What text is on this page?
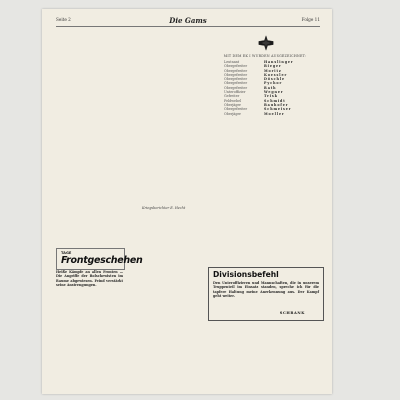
Seite 2	Die Gams	Folge 11

TAGE
Frontgeschehen
Heiße Kämpfe an allen Fronten — Die Angriffe der Bolschewisten im Raume abgewiesen. Feind verstärkt seine Anstrengungen.

Kriegsberichter E. Hecht
MIT DEM EK I WURDEN AUSGEZEICHNET:
Leutnant	Hanslinger
Obergefreiter	Bieger
Obergefreiter	Moritz
Obergefreiter	Koessler
Obergefreiter	Döschle
Obergefreiter	Pychor
Obergefreiter	Rath
Unteroffizier	Wegner
Gefreiter	Trisk
Feldwebel	Schmidt
Oberjäger	Bauhofer
Obergefreiter	Schmeiser
Oberjäger	Moeller

Divisionsbefehl
Den Unteroffizieren und Mannschaften, die in unserem Truppenteil im Einsatz standen, spreche ich für die tapfere Haltung meine Anerkennung aus. Der Kampf geht weiter.
SCHRANK
